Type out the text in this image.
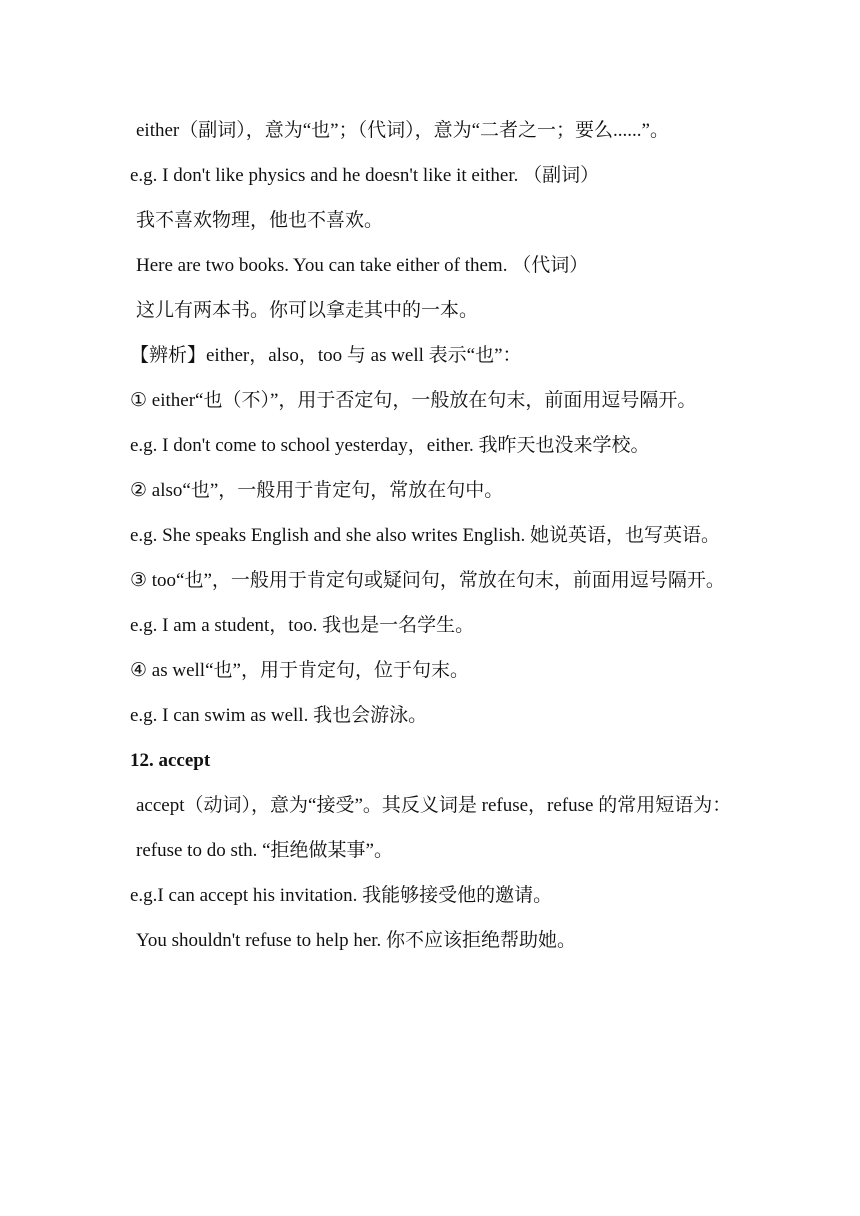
either（副词），意为“也”；（代词），意为“二者之一；要么......”。
e.g. I don't like physics and he doesn't like it either. （副词）
我不喜欢物理，他也不喜欢。
Here are two books. You can take either of them. （代词）
这儿有两本书。你可以拿走其中的一本。
【辨析】either，also，too 与 as well 表示“也”：
① either“也（不）”，用于否定句，一般放在句末，前面用逗号隔开。
e.g. I don't come to school yesterday，either. 我昨天也没来学校。
② also“也”，一般用于肯定句，常放在句中。
e.g. She speaks English and she also writes English. 她说英语，也写英语。
③ too“也”，一般用于肯定句或疑问句，常放在句末，前面用逗号隔开。
e.g. I am a student，too. 我也是一名学生。
④ as well“也”，用于肯定句，位于句末。
e.g. I can swim as well. 我也会游泳。
12. accept
accept（动词），意为“接受”。其反义词是 refuse，refuse 的常用短语为：
refuse to do sth. “拒绝做某事”。
e.g.I can accept his invitation. 我能够接受他的邀请。
You shouldn't refuse to help her. 你不应该拒绝帮助她。
